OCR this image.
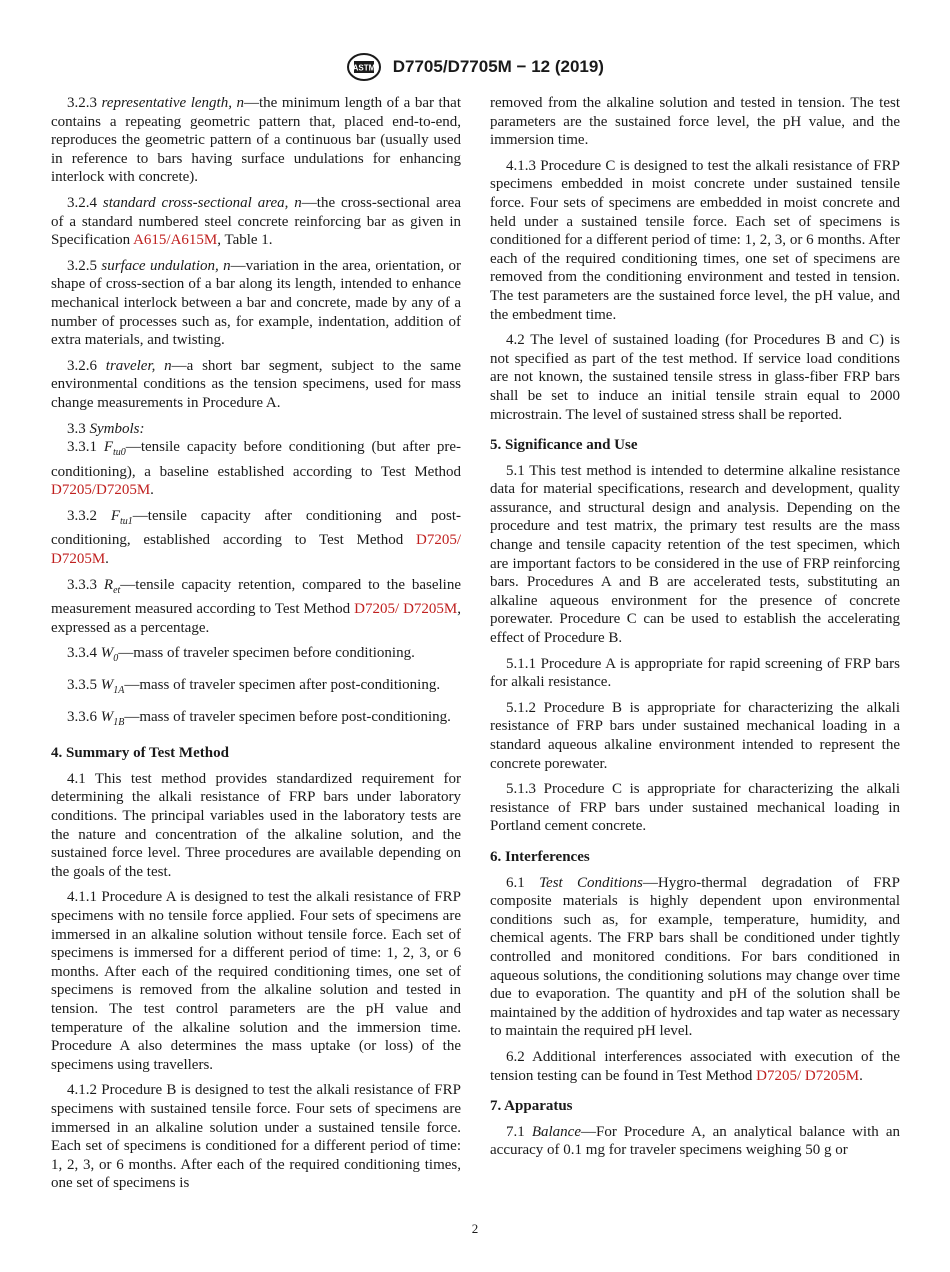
ASTM D7705/D7705M − 12 (2019)

3.2.3 representative length, n—the minimum length of a bar that contains a repeating geometric pattern that, placed end-to-end, reproduces the geometric pattern of a continuous bar (usually used in reference to bars having surface undulations for enhancing interlock with concrete).

3.2.4 standard cross-sectional area, n—the cross-sectional area of a standard numbered steel concrete reinforcing bar as given in Specification A615/A615M, Table 1.

3.2.5 surface undulation, n—variation in the area, orientation, or shape of cross-section of a bar along its length, intended to enhance mechanical interlock between a bar and concrete, made by any of a number of processes such as, for example, indentation, addition of extra materials, and twisting.

3.2.6 traveler, n—a short bar segment, subject to the same environmental conditions as the tension specimens, used for mass change measurements in Procedure A.

3.3 Symbols:

3.3.1 $F_{tu0}—tensile$ capacity before conditioning (but after pre-conditioning), a baseline established according to Test Method D7205/D7205M.

3.3.2 $F_{tu1}—tensile$ capacity after conditioning and post-conditioning, established according to Test Method D7205/ D7205M.

3.3.3 $R_{et}—tensile$ capacity retention, compared to the baseline measurement measured according to Test Method D7205/ D7205M, expressed as a percentage.

3.3.4 $W_0—mass$ of traveler specimen before conditioning.

3.3.5 $W_{1A}—mass$ of traveler specimen after post-conditioning.

3.3.6 $W_{1B}—mass$ of traveler specimen before post-conditioning.

4. Summary of Test Method

4.1 This test method provides standardized requirement for determining the alkali resistance of FRP bars under laboratory conditions. The principal variables used in the laboratory tests are the nature and concentration of the alkaline solution, and the sustained force level. Three procedures are available depending on the goals of the test.

4.1.1 Procedure A is designed to test the alkali resistance of FRP specimens with no tensile force applied. Four sets of specimens are immersed in an alkaline solution without tensile force. Each set of specimens is immersed for a different period of time: 1, 2, 3, or 6 months. After each of the required conditioning times, one set of specimens is removed from the alkaline solution and tested in tension. The test control parameters are the pH value and temperature of the alkaline solution and the immersion time. Procedure A also determines the mass uptake (or loss) of the specimens using travellers.

4.1.2 Procedure B is designed to test the alkali resistance of FRP specimens with sustained tensile force. Four sets of specimens are immersed in an alkaline solution under a sustained tensile force. Each set of specimens is conditioned for a different period of time: 1, 2, 3, or 6 months. After each of the required conditioning times, one set of specimens is

removed from the alkaline solution and tested in tension. The test parameters are the sustained force level, the pH value, and the immersion time.

4.1.3 Procedure C is designed to test the alkali resistance of FRP specimens embedded in moist concrete under sustained tensile force. Four sets of specimens are embedded in moist concrete and held under a sustained tensile force. Each set of specimens is conditioned for a different period of time: 1, 2, 3, or 6 months. After each of the required conditioning times, one set of specimens are removed from the conditioning environment and tested in tension. The test parameters are the sustained force level, the pH value, and the embedment time.

4.2 The level of sustained loading (for Procedures B and C) is not specified as part of the test method. If service load conditions are not known, the sustained tensile stress in glass-fiber FRP bars shall be set to induce an initial tensile strain equal to 2000 microstrain. The level of sustained stress shall be reported.

5. Significance and Use

5.1 This test method is intended to determine alkaline resistance data for material specifications, research and development, quality assurance, and structural design and analysis. Depending on the procedure and test matrix, the primary test results are the mass change and tensile capacity retention of the test specimen, which are important factors to be considered in the use of FRP reinforcing bars. Procedures A and B are accelerated tests, substituting an alkaline aqueous environment for the presence of concrete porewater. Procedure C can be used to establish the accelerating effect of Procedure B.

5.1.1 Procedure A is appropriate for rapid screening of FRP bars for alkali resistance.

5.1.2 Procedure B is appropriate for characterizing the alkali resistance of FRP bars under sustained mechanical loading in a standard aqueous alkaline environment intended to represent the concrete porewater.

5.1.3 Procedure C is appropriate for characterizing the alkali resistance of FRP bars under sustained mechanical loading in Portland cement concrete.

6. Interferences

6.1 Test Conditions—Hygro-thermal degradation of FRP composite materials is highly dependent upon environmental conditions such as, for example, temperature, humidity, and chemical agents. The FRP bars shall be conditioned under tightly controlled and monitored conditions. For bars conditioned in aqueous solutions, the conditioning solutions may change over time due to evaporation. The quantity and pH of the solution shall be maintained by the addition of hydroxides and tap water as necessary to maintain the required pH level.

6.2 Additional interferences associated with execution of the tension testing can be found in Test Method D7205/ D7205M.

7. Apparatus

7.1 Balance—For Procedure A, an analytical balance with an accuracy of 0.1 mg for traveler specimens weighing 50 g or

2
